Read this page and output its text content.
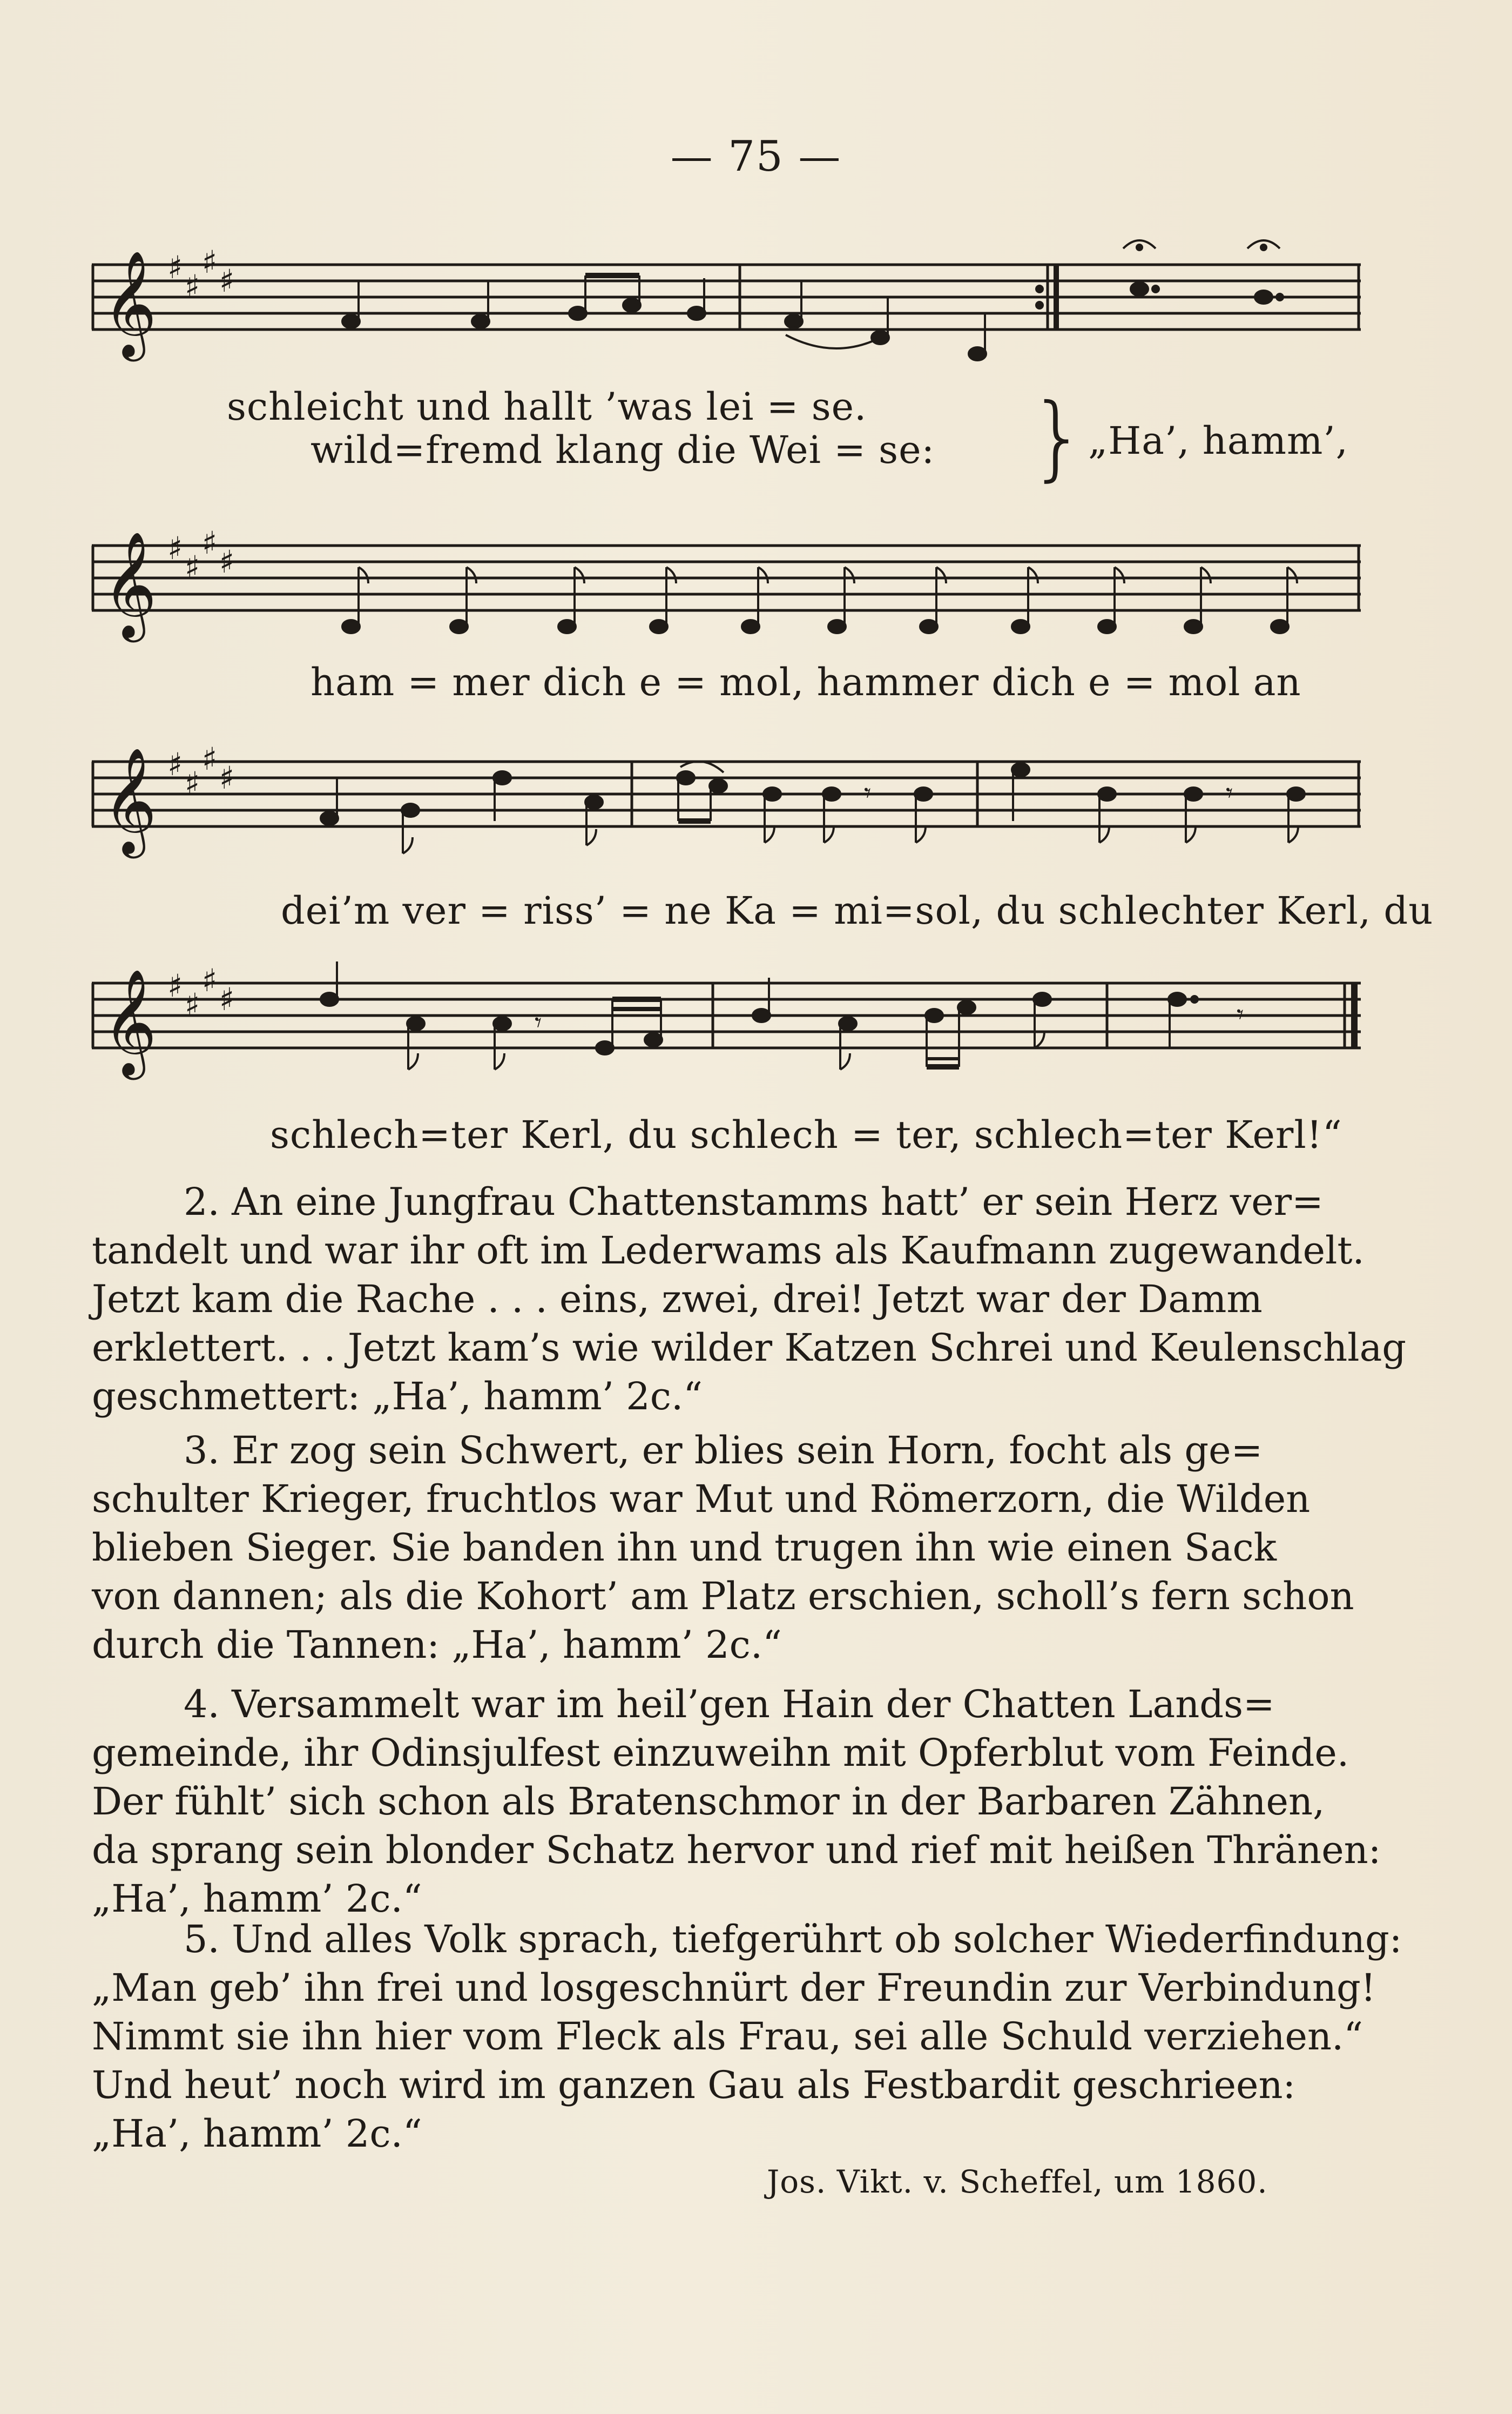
— 75 —
𝄞 ♯
♯
♯
♯
schleicht und hallt ’was lei = se.
wild=fremd klang die Wei = se: } „Ha’, hamm’,
𝄞 ♯
♯
♯
♯
ham = mer dich e = mol, hammer dich e = mol an
𝄞 ♯
♯
♯
♯	𝄾	𝄾
dei’m ver = riss’ = ne Ka = mi=sol, du schlechter Kerl, du
𝄞 ♯
♯
♯
♯
𝄾	𝄾
schlech=ter Kerl, du schlech = ter, schlech=ter Kerl!“
2. An eine Jungfrau Chattenstamms hatt’ er sein Herz ver=
tandelt und war ihr oft im Lederwams als Kaufmann zugewandelt.
Jetzt kam die Rache . . . eins, zwei, drei! Jetzt war der Damm
erklettert. . . Jetzt kam’s wie wilder Katzen Schrei und Keulenschlag
geschmettert: „Ha’, hamm’ 2c.“
3. Er zog sein Schwert, er blies sein Horn, focht als ge=
schulter Krieger, fruchtlos war Mut und Römerzorn, die Wilden
blieben Sieger. Sie banden ihn und trugen ihn wie einen Sack
von dannen; als die Kohort’ am Platz erschien, scholl’s fern schon
durch die Tannen: „Ha’, hamm’ 2c.“
4. Versammelt war im heil’gen Hain der Chatten Lands=
gemeinde, ihr Odinsjulfest einzuweihn mit Opferblut vom Feinde.
Der fühlt’ sich schon als Bratenschmor in der Barbaren Zähnen,
da sprang sein blonder Schatz hervor und rief mit heißen Thränen:
„Ha’, hamm’ 2c.“
5. Und alles Volk sprach, tiefgerührt ob solcher Wiederfindung:
„Man geb’ ihn frei und losgeschnürt der Freundin zur Verbindung!
Nimmt sie ihn hier vom Fleck als Frau, sei alle Schuld verziehen.“
Und heut’ noch wird im ganzen Gau als Festbardit geschrieen:
„Ha’, hamm’ 2c.“
Jos. Vikt. v. Scheffel, um 1860.
